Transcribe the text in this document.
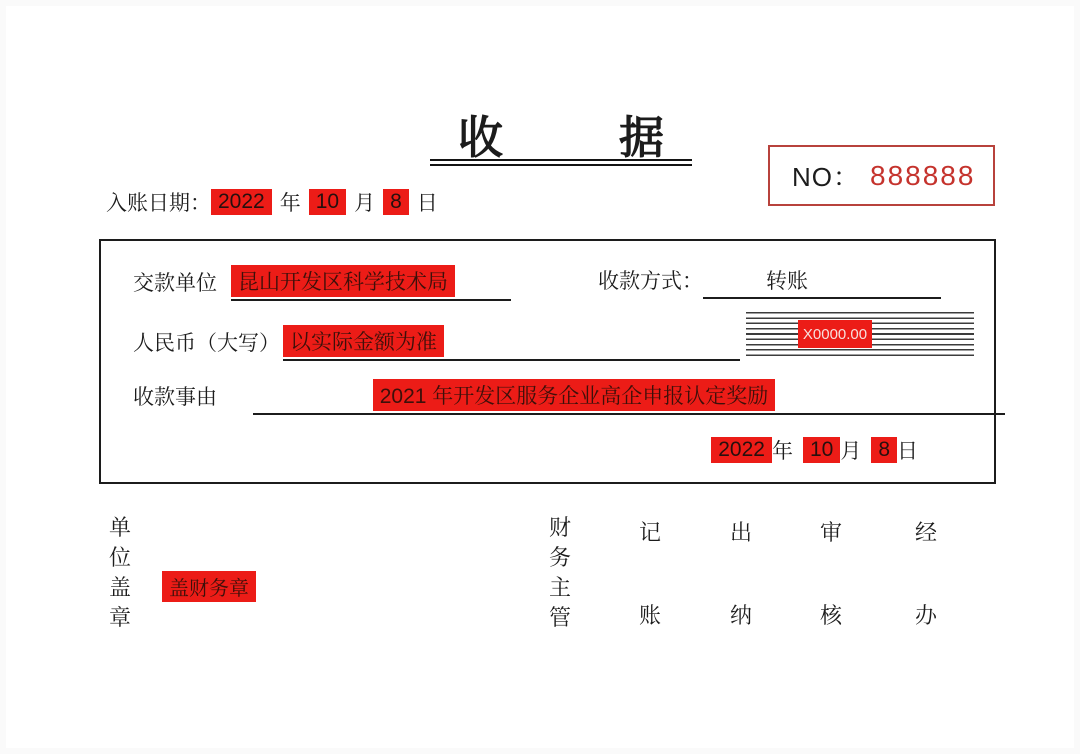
收	据
NO： 888888
入账日期： 2022 年 10 月 8 日
交款单位	昆山开发区科学技术局	收款方式：	转账
X0000.00
人民币（大写） 以实际金额为准
收款事由	2021 年开发区服务企业高企申报认定奖励
2022 年 10 月 8 日
单
位
盖
章
盖财务章
财
务
主
管
记
账
出
纳
审
核
经
办
